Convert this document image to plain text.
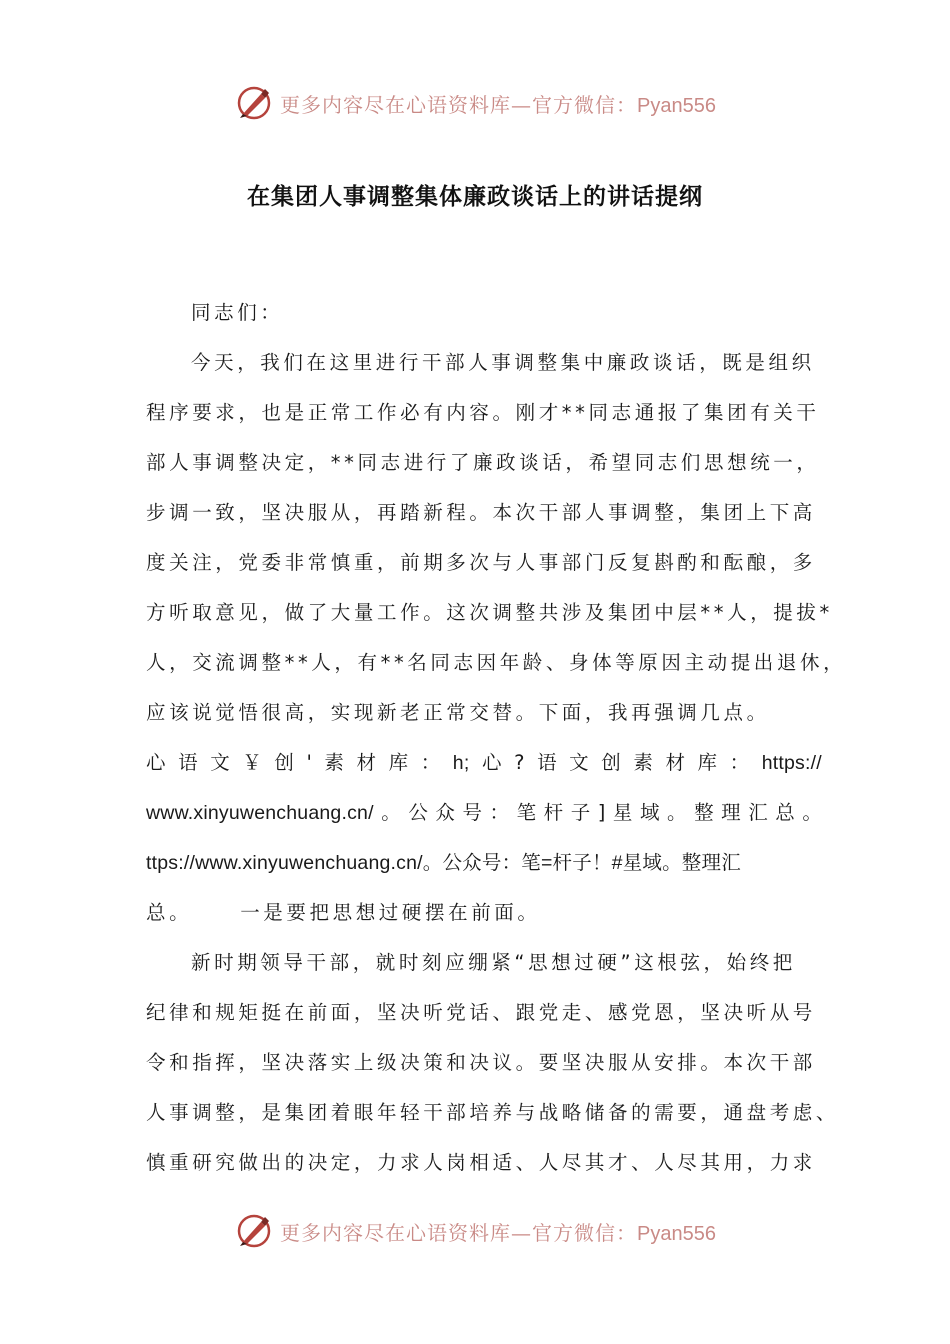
更多内容尽在心语资料库—官方微信：Pyan556
在集团人事调整集体廉政谈话上的讲话提纲

同志们：

今天，我们在这里进行干部人事调整集中廉政谈话，既是组织
程序要求，也是正常工作必有内容。刚才**同志通报了集团有关干
部人事调整决定，**同志进行了廉政谈话，希望同志们思想统一，
步调一致，坚决服从，再踏新程。本次干部人事调整，集团上下高
度关注，党委非常慎重，前期多次与人事部门反复斟酌和酝酿，多
方听取意见，做了大量工作。这次调整共涉及集团中层**人，提拔*
人，交流调整**人，有**名同志因年龄、身体等原因主动提出退休，
应该说觉悟很高，实现新老正常交替。下面，我再强调几点。

心 语 文 ￥ 创 ' 素 材 库 ： h; 心 ? 语 文 创 素 材 库 ： https://
www.xinyuwenchuang.cn/ 。 公 众 号 ： 笔 杆 子 ] 星 域 。 整 理 汇 总 。
ttps://www.xinyuwenchuang.cn/。公众号：笔=杆子！#星域。整理汇
总。 一是要把思想过硬摆在前面。

新时期领导干部，就时刻应绷紧“思想过硬”这根弦，始终把
纪律和规矩挺在前面，坚决听党话、跟党走、感党恩，坚决听从号
令和指挥，坚决落实上级决策和决议。要坚决服从安排。本次干部
人事调整，是集团着眼年轻干部培养与战略储备的需要，通盘考虑、
慎重研究做出的决定，力求人岗相适、人尽其才、人尽其用，力求

更多内容尽在心语资料库—官方微信：Pyan556
